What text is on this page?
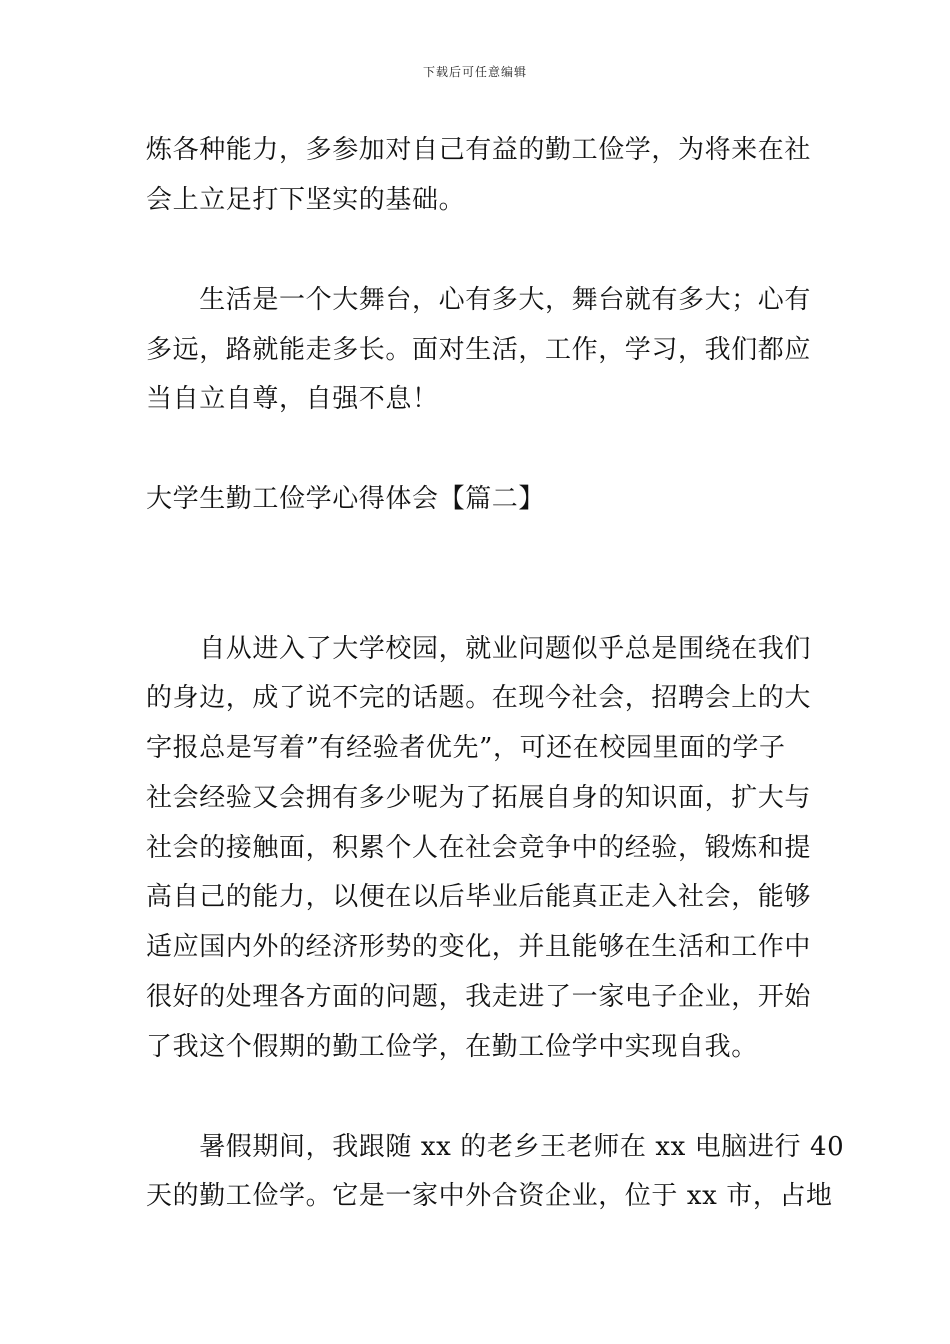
下载后可任意编辑
炼各种能力，多参加对自己有益的勤工俭学，为将来在社
会上立足打下坚实的基础。
　　生活是一个大舞台，心有多大，舞台就有多大；心有
多远，路就能走多长。面对生活，工作，学习，我们都应
当自立自尊，自强不息！
大学生勤工俭学心得体会【篇二】
　　自从进入了大学校园，就业问题似乎总是围绕在我们
的身边，成了说不完的话题。在现今社会，招聘会上的大
字报总是写着”有经验者优先”，可还在校园里面的学子
社会经验又会拥有多少呢为了拓展自身的知识面，扩大与
社会的接触面，积累个人在社会竞争中的经验，锻炼和提
高自己的能力，以便在以后毕业后能真正走入社会，能够
适应国内外的经济形势的变化，并且能够在生活和工作中
很好的处理各方面的问题，我走进了一家电子企业，开始
了我这个假期的勤工俭学，在勤工俭学中实现自我。
　　暑假期间，我跟随 xx 的老乡王老师在 xx 电脑进行 40
天的勤工俭学。它是一家中外合资企业，位于 xx 市，占地
